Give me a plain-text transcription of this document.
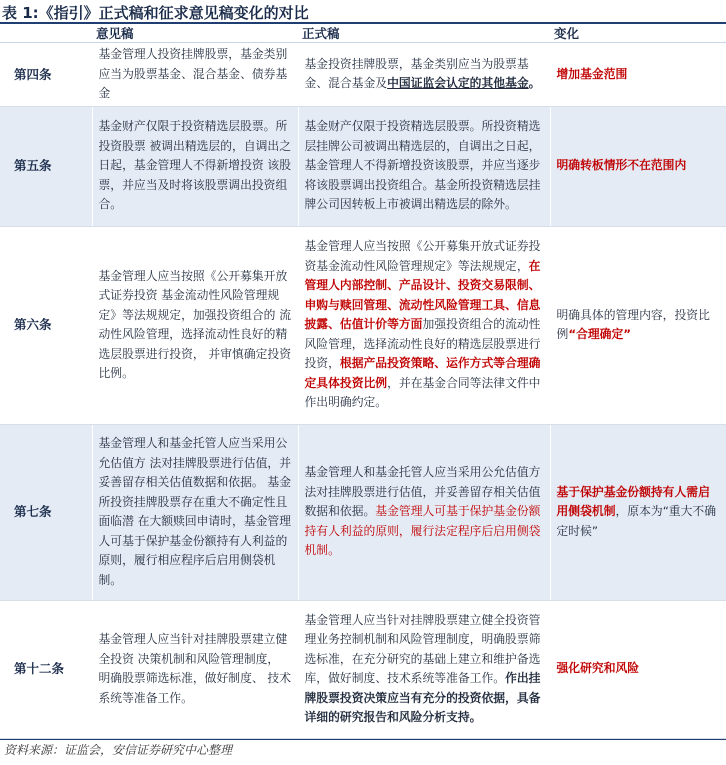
表 1:《指引》正式稿和征求意见稿变化的对比
	意见稿	正式稿	变化
第四条	基金管理人投资挂牌股票，基金类别应当为股票基金、混合基金、债券基金	基金投资挂牌股票，基金类别应当为股票基金、混合基金及中国证监会认定的其他基金。	增加基金范围
第五条	基金财产仅限于投资精选层股票。所投资股票 被调出精选层的，自调出之日起，基金管理人不得新增投资 该股票，并应当及时将该股票调出投资组合。	基金财产仅限于投资精选层股票。所投资精选层挂牌公司被调出精选层的，自调出之日起，基金管理人不得新增投资该股票，并应当逐步将该股票调出投资组合。基金所投资精选层挂牌公司因转板上市被调出精选层的除外。	明确转板情形不在范围内
第六条	基金管理人应当按照《公开募集开放式证券投资 基金流动性风险管理规定》等法规规定，加强投资组合的 流动性风险管理，选择流动性良好的精选层股票进行投资， 并审慎确定投资比例。	基金管理人应当按照《公开募集开放式证券投资基金流动性风险管理规定》等法规规定，在管理人内部控制、产品设计、投资交易限制、申购与赎回管理、流动性风险管理工具、信息披露、估值计价等方面加强投资组合的流动性风险管理，选择流动性良好的精选层股票进行投资，根据产品投资策略、运作方式等合理确定具体投资比例，并在基金合同等法律文件中作出明确约定。	明确具体的管理内容，投资比例“合理确定”
第七条	基金管理人和基金托管人应当采用公允估值方 法对挂牌股票进行估值，并妥善留存相关估值数据和依据。 基金所投资挂牌股票存在重大不确定性且面临潜 在大额赎回申请时，基金管理人可基于保护基金份额持有人利益的原则，履行相应程序后启用侧袋机制。	基金管理人和基金托管人应当采用公允估值方法对挂牌股票进行估值，并妥善留存相关估值数据和依据。基金管理人可基于保护基金份额持有人利益的原则，履行法定程序后启用侧袋机制。	基于保护基金份额持有人需启用侧袋机制，原本为“重大不确定时候”
第十二条	基金管理人应当针对挂牌股票建立健全投资 决策机制和风险管理制度， 明确股票筛选标准，做好制度、 技术系统等准备工作。	基金管理人应当针对挂牌股票建立健全投资管理业务控制机制和风险管理制度，明确股票筛选标准，在充分研究的基础上建立和维护备选库，做好制度、技术系统等准备工作。作出挂牌股票投资决策应当有充分的投资依据，具备详细的研究报告和风险分析支持。	强化研究和风险
资料来源：证监会，安信证券研究中心整理
